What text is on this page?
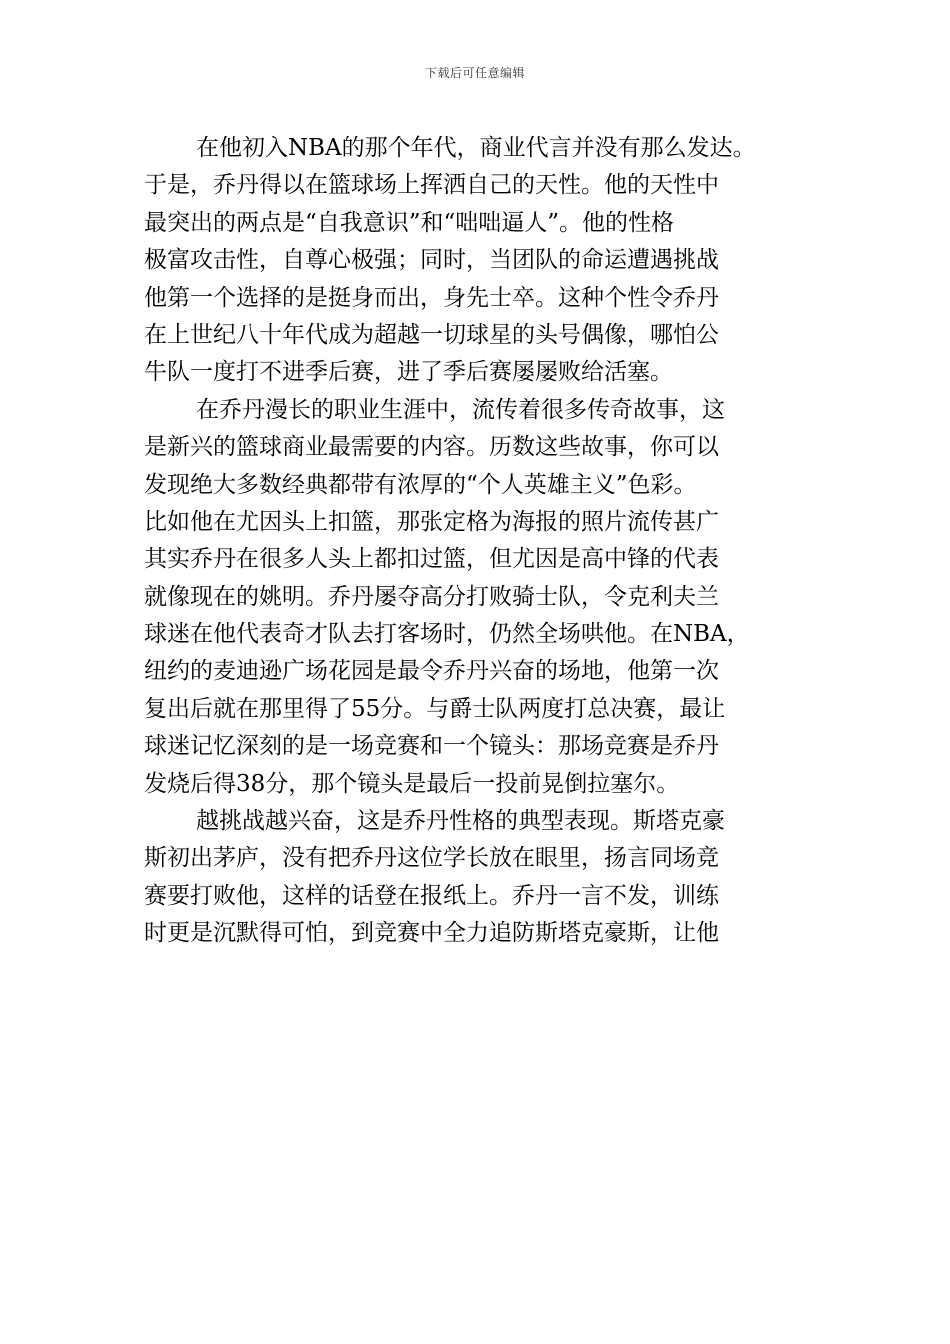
下载后可任意编辑
在他初入NBA的那个年代，商业代言并没有那么发达。
于是，乔丹得以在篮球场上挥洒自己的天性。他的天性中
最突出的两点是“自我意识”和“咄咄逼人”。他的性格
极富攻击性，自尊心极强；同时，当团队的命运遭遇挑战
他第一个选择的是挺身而出，身先士卒。这种个性令乔丹
在上世纪八十年代成为超越一切球星的头号偶像，哪怕公
牛队一度打不进季后赛，进了季后赛屡屡败给活塞。
在乔丹漫长的职业生涯中，流传着很多传奇故事，这
是新兴的篮球商业最需要的内容。历数这些故事，你可以
发现绝大多数经典都带有浓厚的“个人英雄主义”色彩。
比如他在尤因头上扣篮，那张定格为海报的照片流传甚广
其实乔丹在很多人头上都扣过篮，但尤因是高中锋的代表
就像现在的姚明。乔丹屡夺高分打败骑士队，令克利夫兰
球迷在他代表奇才队去打客场时，仍然全场哄他。在NBA，
纽约的麦迪逊广场花园是最令乔丹兴奋的场地，他第一次
复出后就在那里得了55分。与爵士队两度打总决赛，最让
球迷记忆深刻的是一场竞赛和一个镜头：那场竞赛是乔丹
发烧后得38分，那个镜头是最后一投前晃倒拉塞尔。
越挑战越兴奋，这是乔丹性格的典型表现。斯塔克豪
斯初出茅庐，没有把乔丹这位学长放在眼里，扬言同场竞
赛要打败他，这样的话登在报纸上。乔丹一言不发，训练
时更是沉默得可怕，到竞赛中全力追防斯塔克豪斯，让他
